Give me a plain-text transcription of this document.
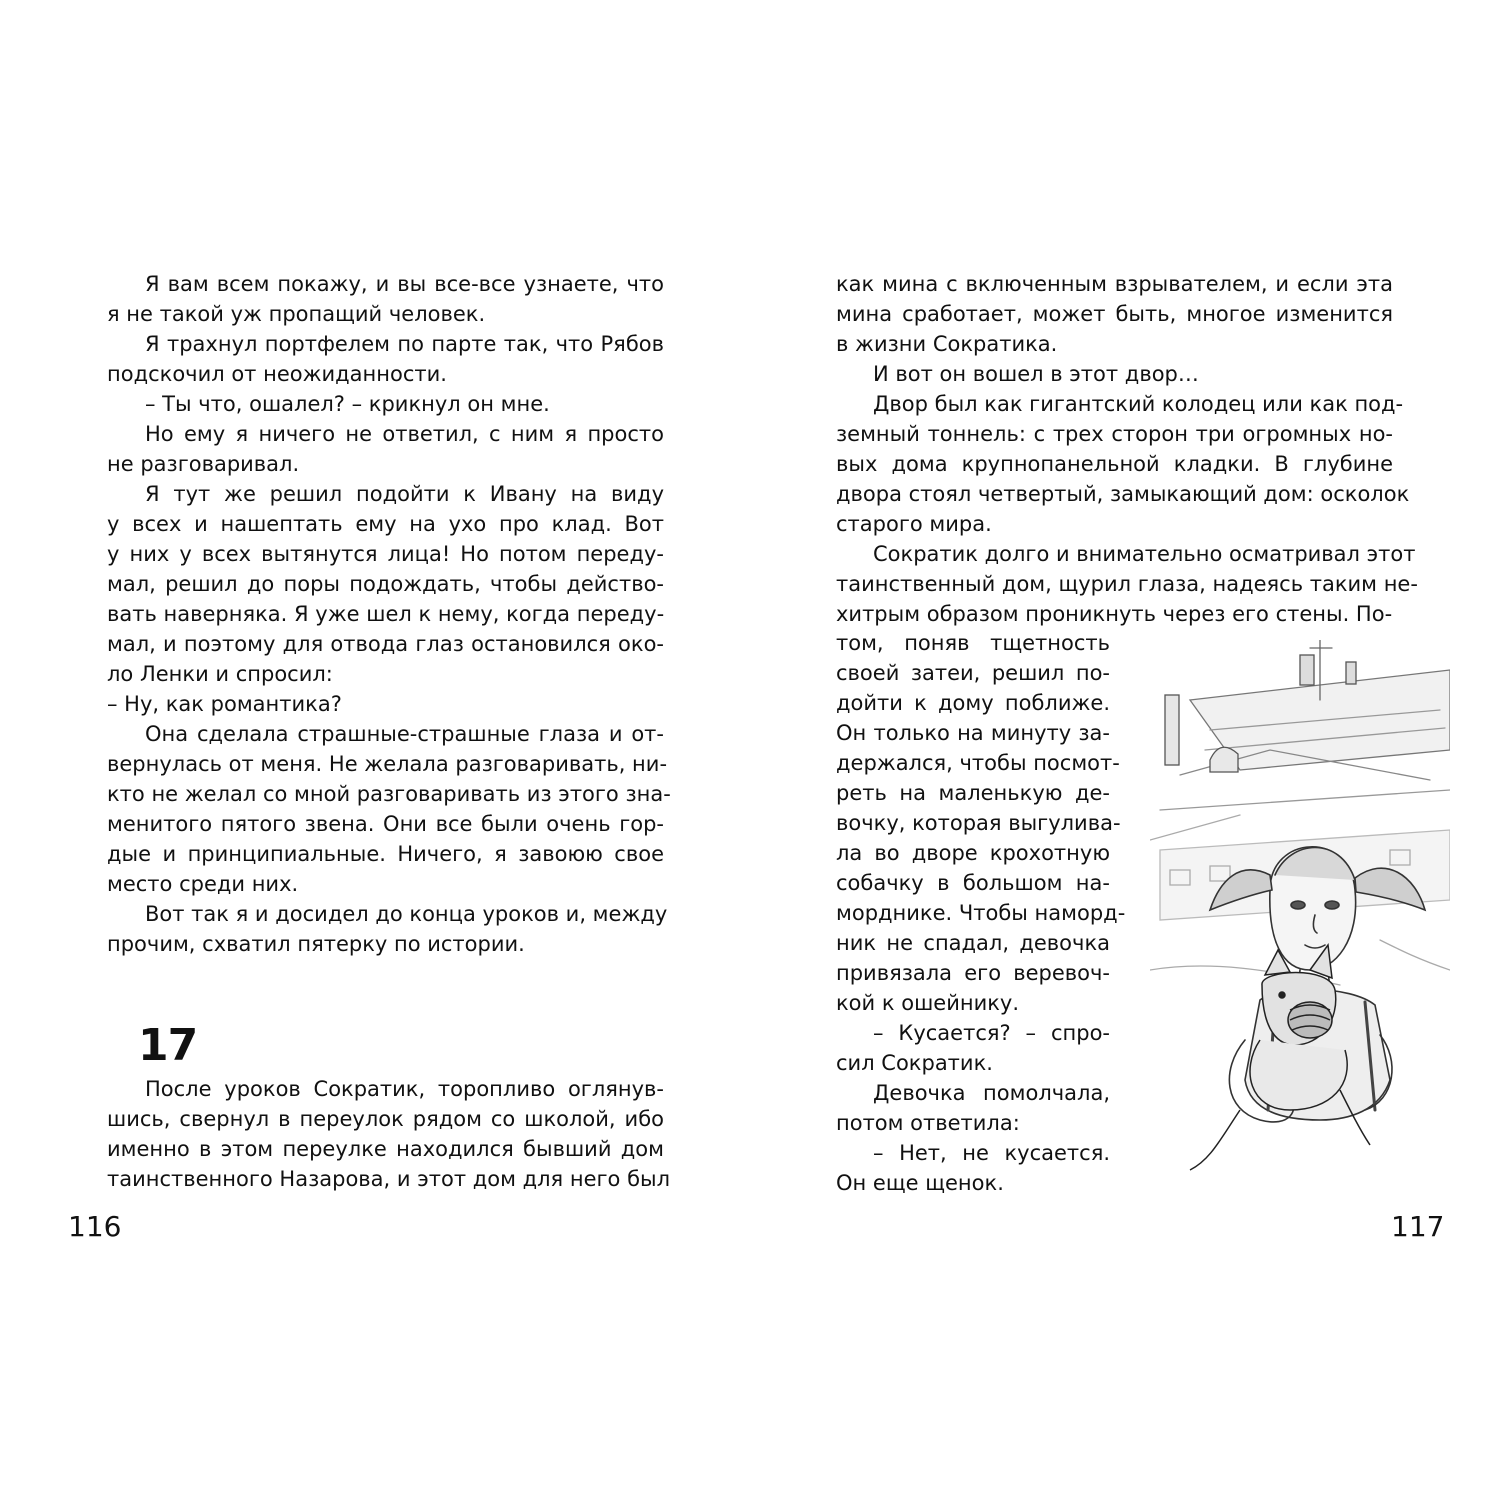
Я вам всем покажу, и вы все-все узнаете, что
я не такой уж пропащий человек.
Я трахнул портфелем по парте так, что Рябов
подскочил от неожиданности.
– Ты что, ошалел? – крикнул он мне.
Но ему я ничего не ответил, с ним я просто
не разговаривал.
Я тут же решил подойти к Ивану на виду
у всех и нашептать ему на ухо про клад. Вот
у них у всех вытянутся лица! Но потом переду-
мал, решил до поры подождать, чтобы действо-
вать наверняка. Я уже шел к нему, когда переду-
мал, и поэтому для отвода глаз остановился око-
ло Ленки и спросил:
– Ну, как романтика?
Она сделала страшные-страшные глаза и от-
вернулась от меня. Не желала разговаривать, ни-
кто не желал со мной разговаривать из этого зна-
менитого пятого звена. Они все были очень гор-
дые и принципиальные. Ничего, я завоюю свое
место среди них.
Вот так я и досидел до конца уроков и, между
прочим, схватил пятерку по истории.
17
После уроков Сократик, торопливо оглянув-
шись, свернул в переулок рядом со школой, ибо
именно в этом переулке находился бывший дом
таинственного Назарова, и этот дом для него был
116
как мина с включенным взрывателем, и если эта
мина сработает, может быть, многое изменится
в жизни Сократика.
И вот он вошел в этот двор…
Двор был как гигантский колодец или как под-
земный тоннель: с трех сторон три огромных но-
вых дома крупнопанельной кладки. В глубине
двора стоял четвертый, замыкающий дом: осколок
старого мира.
Сократик долго и внимательно осматривал этот
таинственный дом, щурил глаза, надеясь таким не-
хитрым образом проникнуть через его стены. По-
том, поняв тщетность
своей затеи, решил по-
дойти к дому поближе.
Он только на минуту за-
держался, чтобы посмот-
реть на маленькую де-
вочку, которая выгулива-
ла во дворе крохотную
собачку в большом на-
морднике. Чтобы наморд-
ник не спадал, девочка
привязала его веревоч-
кой к ошейнику.
– Кусается? – спро-
сил Сократик.
Девочка помолчала,
потом ответила:
– Нет, не кусается.
Он еще щенок.
117
